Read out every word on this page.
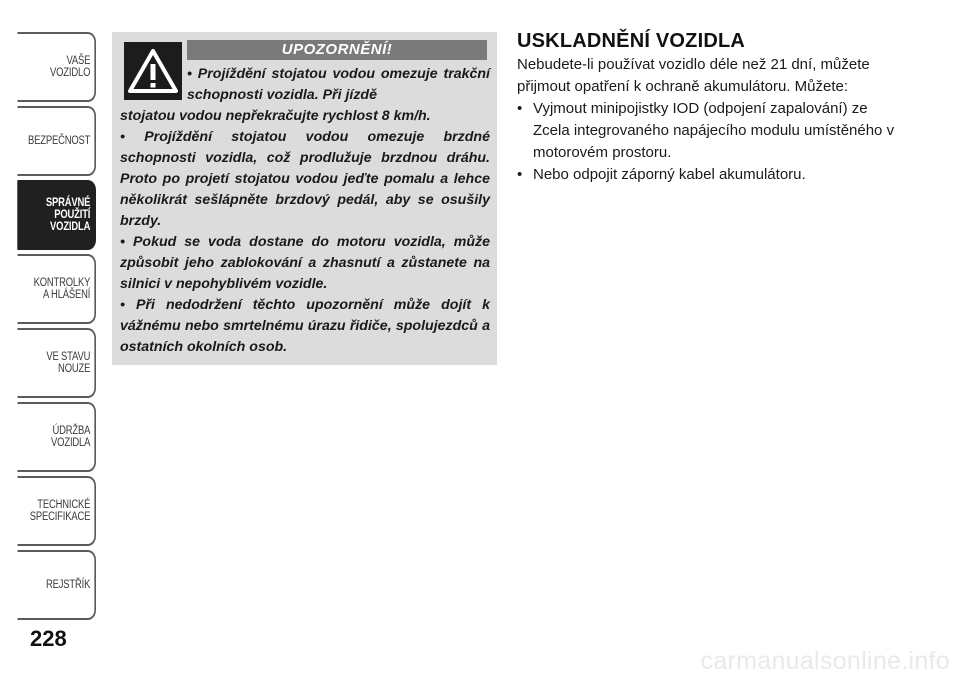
VAŠE
VOZIDLO
BEZPEČNOST
SPRÁVNÉ
POUŽITÍ
VOZIDLA
KONTROLKY
A HLÁŠENÍ
VE STAVU
NOUZE
ÚDRŽBA
VOZIDLA
TECHNICKÉ
SPECIFIKACE
REJSTŘÍK
228
UPOZORNĚNÍ!

• Projíždění stojatou vodou omezuje trakční schopnosti vozidla. Při jízdě

stojatou vodou nepřekračujte rychlost 8 km/h.

• Projíždění stojatou vodou omezuje brzdné schopnosti vozidla, což prodlužuje brzdnou dráhu. Proto po projetí stojatou vodou jeďte pomalu a lehce několikrát sešlápněte brzdový pedál, aby se osušily brzdy.

• Pokud se voda dostane do motoru vozidla, může způsobit jeho zablokování a zhasnutí a zůstanete na silnici v nepohyblivém vozidle.

• Při nedodržení těchto upozornění může dojít k vážnému nebo smrtelnému úrazu řidiče, spolujezdců a ostatních okolních osob.

USKLADNĚNÍ VOZIDLA

Nebudete-li používat vozidlo déle než 21 dní, můžete přijmout opatření k ochraně akumulátoru. Můžete:

• Vyjmout minipojistky IOD (odpojení zapalování) ze Zcela integrovaného napájecího modulu umístěného v motorovém prostoru.
• Nebo odpojit záporný kabel akumulátoru.
carmanualsonline.info
